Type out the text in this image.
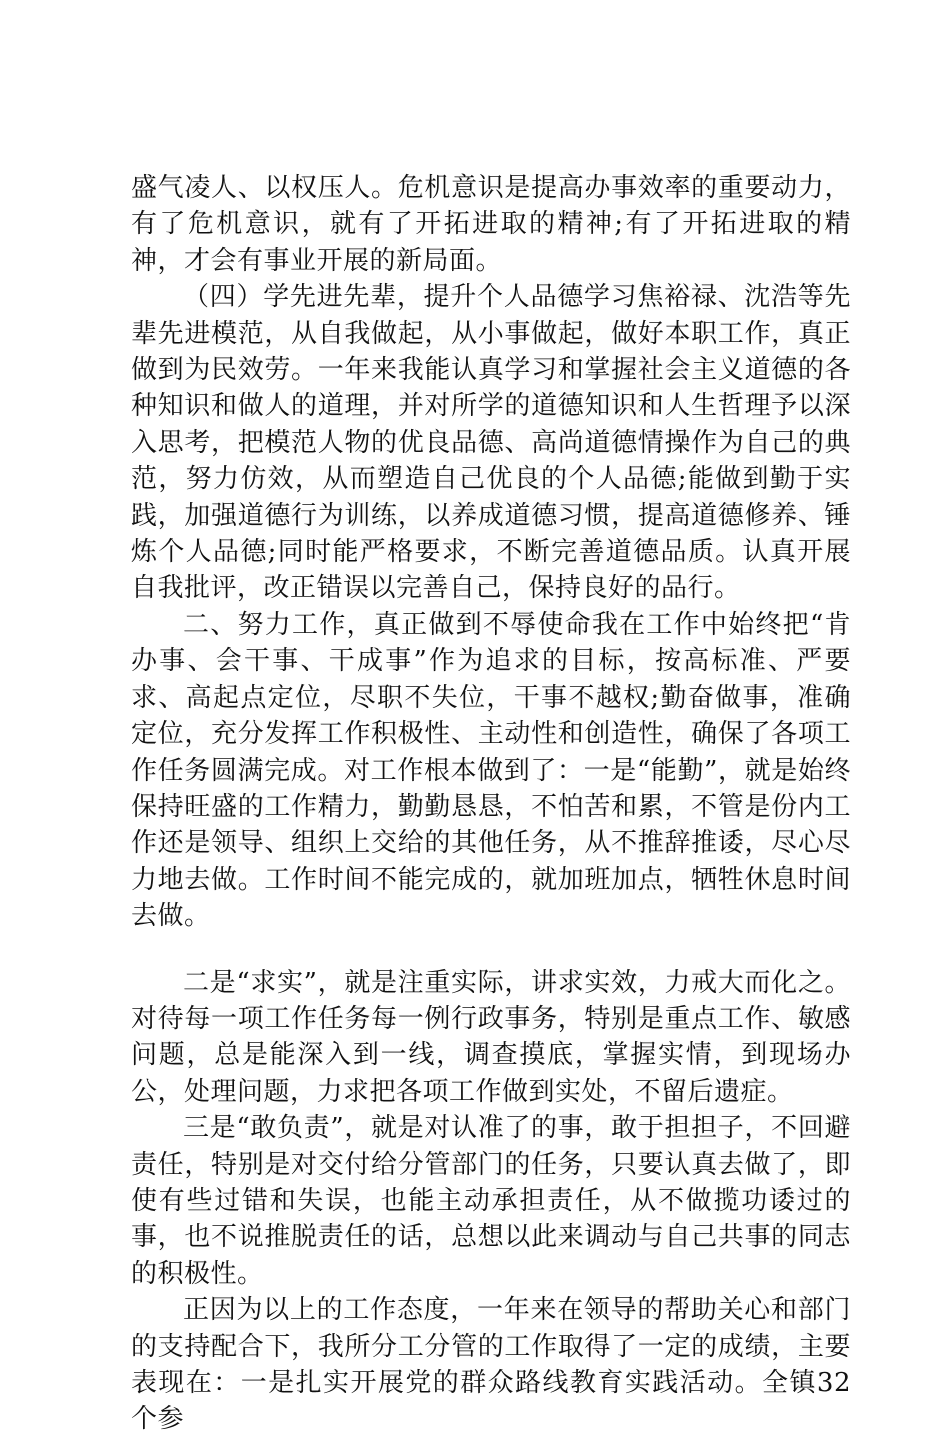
盛气凌人、以权压人。危机意识是提高办事效率的重要动力，有了危机意识，就有了开拓进取的精神;有了开拓进取的精神，才会有事业开展的新局面。

（四）学先进先辈，提升个人品德学习焦裕禄、沈浩等先辈先进模范，从自我做起，从小事做起，做好本职工作，真正做到为民效劳。一年来我能认真学习和掌握社会主义道德的各种知识和做人的道理，并对所学的道德知识和人生哲理予以深入思考，把模范人物的优良品德、高尚道德情操作为自己的典范，努力仿效，从而塑造自己优良的个人品德;能做到勤于实践，加强道德行为训练，以养成道德习惯，提高道德修养、锤炼个人品德;同时能严格要求，不断完善道德品质。认真开展自我批评，改正错误以完善自己，保持良好的品行。

二、努力工作，真正做到不辱使命我在工作中始终把“肯办事、会干事、干成事”作为追求的目标，按高标准、严要求、高起点定位，尽职不失位，干事不越权;勤奋做事，准确定位，充分发挥工作积极性、主动性和创造性，确保了各项工作任务圆满完成。对工作根本做到了：一是“能勤”，就是始终保持旺盛的工作精力，勤勤恳恳，不怕苦和累，不管是份内工作还是领导、组织上交给的其他任务，从不推辞推诿，尽心尽力地去做。工作时间不能完成的，就加班加点，牺牲休息时间去做。

二是“求实”，就是注重实际，讲求实效，力戒大而化之。对待每一项工作任务每一例行政事务，特别是重点工作、敏感问题，总是能深入到一线，调查摸底，掌握实情，到现场办公，处理问题，力求把各项工作做到实处，不留后遗症。

三是“敢负责”，就是对认准了的事，敢于担担子，不回避责任，特别是对交付给分管部门的任务，只要认真去做了，即使有些过错和失误，也能主动承担责任，从不做揽功诿过的事，也不说推脱责任的话，总想以此来调动与自己共事的同志的积极性。

正因为以上的工作态度，一年来在领导的帮助关心和部门的支持配合下，我所分工分管的工作取得了一定的成绩，主要表现在：一是扎实开展党的群众路线教育实践活动。全镇32个参
